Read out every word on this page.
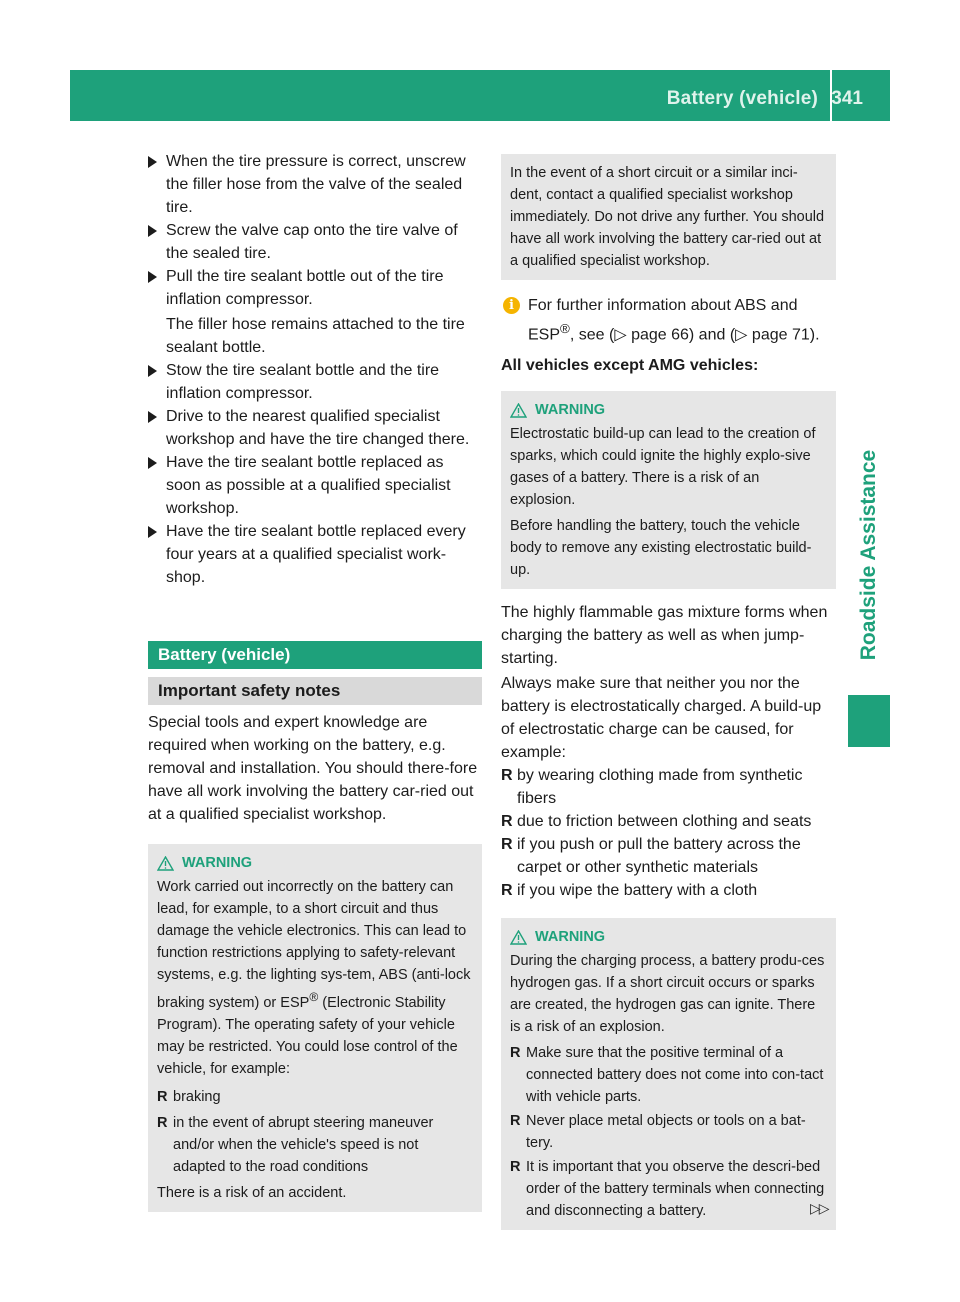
Battery (vehicle) 341
Roadside Assistance
When the tire pressure is correct, unscrew the filler hose from the valve of the sealed tire.
Screw the valve cap onto the tire valve of the sealed tire.
Pull the tire sealant bottle out of the tire inflation compressor.

The filler hose remains attached to the tire sealant bottle.

Stow the tire sealant bottle and the tire inflation compressor.
Drive to the nearest qualified specialist workshop and have the tire changed there.
Have the tire sealant bottle replaced as soon as possible at a qualified specialist workshop.
Have the tire sealant bottle replaced every four years at a qualified specialist work-shop.
Battery (vehicle)
Important safety notes

Special tools and expert knowledge are required when working on the battery, e.g. removal and installation. You should there-fore have all work involving the battery car-ried out at a qualified specialist workshop.

WARNING

Work carried out incorrectly on the battery can lead, for example, to a short circuit and thus damage the vehicle electronics. This can lead to function restrictions applying to safety-relevant systems, e.g. the lighting sys-tem, ABS (anti-lock braking system) or ESP® (Electronic Stability Program). The operating safety of your vehicle may be restricted. You could lose control of the vehicle, for example:

R braking
R in the event of abrupt steering maneuver and/or when the vehicle's speed is not adapted to the road conditions

There is a risk of an accident.

In the event of a short circuit or a similar inci-dent, contact a qualified specialist workshop immediately. Do not drive any further. You should have all work involving the battery car-ried out at a qualified specialist workshop.

i For further information about ABS and ESP®, see (▷ page 66) and (▷ page 71).

All vehicles except AMG vehicles:

WARNING

Electrostatic build-up can lead to the creation of sparks, which could ignite the highly explo-sive gases of a battery. There is a risk of an explosion.

Before handling the battery, touch the vehicle body to remove any existing electrostatic build-up.

The highly flammable gas mixture forms when charging the battery as well as when jump-starting.

Always make sure that neither you nor the battery is electrostatically charged. A build-up of electrostatic charge can be caused, for example:

R by wearing clothing made from synthetic fibers
R due to friction between clothing and seats
R if you push or pull the battery across the carpet or other synthetic materials
R if you wipe the battery with a cloth
WARNING

During the charging process, a battery produ-ces hydrogen gas. If a short circuit occurs or sparks are created, the hydrogen gas can ignite. There is a risk of an explosion.

R Make sure that the positive terminal of a connected battery does not come into con-tact with vehicle parts.
R Never place metal objects or tools on a bat-tery.
R It is important that you observe the descri-bed order of the battery terminals when connecting and disconnecting a battery.	▷▷
